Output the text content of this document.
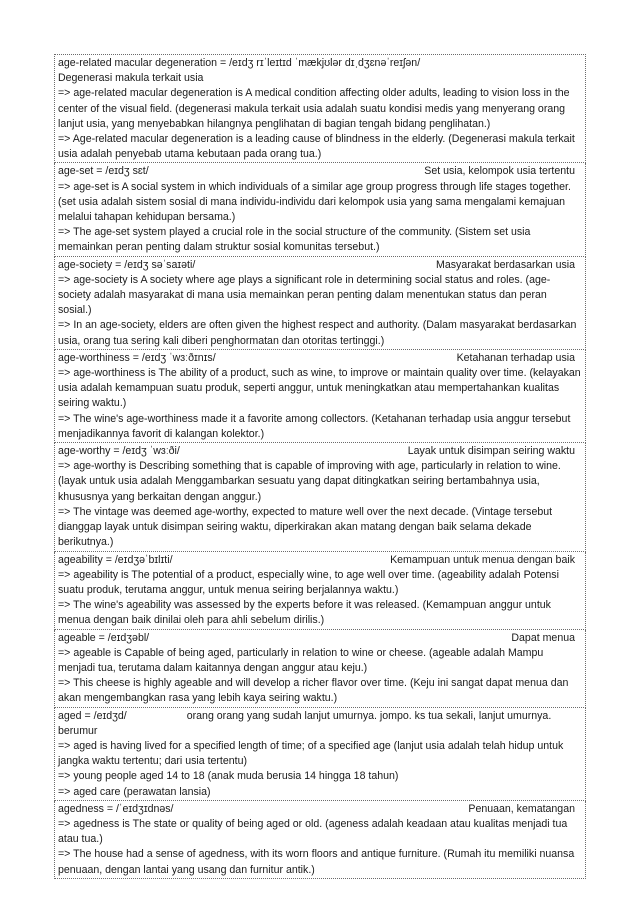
age-related macular degeneration = /eɪdʒ rɪˈleɪtɪd ˈmækjʊlər dɪˌdʒɛnəˈreɪʃən/
Degenerasi makula terkait usia
=> age-related macular degeneration is A medical condition affecting older adults, leading to vision loss in the center of the visual field. (degenerasi makula terkait usia adalah suatu kondisi medis yang menyerang orang lanjut usia, yang menyebabkan hilangnya penglihatan di bagian tengah bidang penglihatan.)
=> Age-related macular degeneration is a leading cause of blindness in the elderly. (Degenerasi makula terkait usia adalah penyebab utama kebutaan pada orang tua.)
age-set = /eɪdʒ sɛt/	Set usia, kelompok usia tertentu
=> age-set is A social system in which individuals of a similar age group progress through life stages together. (set usia adalah sistem sosial di mana individu-individu dari kelompok usia yang sama mengalami kemajuan melalui tahapan kehidupan bersama.)
=> The age-set system played a crucial role in the social structure of the community. (Sistem set usia memainkan peran penting dalam struktur sosial komunitas tersebut.)
age-society = /eɪdʒ səˈsaɪəti/	Masyarakat berdasarkan usia
=> age-society is A society where age plays a significant role in determining social status and roles. (age-society adalah masyarakat di mana usia memainkan peran penting dalam menentukan status dan peran sosial.)
=> In an age-society, elders are often given the highest respect and authority. (Dalam masyarakat berdasarkan usia, orang tua sering kali diberi penghormatan dan otoritas tertinggi.)
age-worthiness = /eɪdʒ ˈwɜːðɪnɪs/	Ketahanan terhadap usia
=> age-worthiness is The ability of a product, such as wine, to improve or maintain quality over time. (kelayakan usia adalah kemampuan suatu produk, seperti anggur, untuk meningkatkan atau mempertahankan kualitas seiring waktu.)
=> The wine's age-worthiness made it a favorite among collectors. (Ketahanan terhadap usia anggur tersebut menjadikannya favorit di kalangan kolektor.)
age-worthy = /eɪdʒ ˈwɜːði/	Layak untuk disimpan seiring waktu
=> age-worthy is Describing something that is capable of improving with age, particularly in relation to wine. (layak untuk usia adalah Menggambarkan sesuatu yang dapat ditingkatkan seiring bertambahnya usia, khususnya yang berkaitan dengan anggur.)
=> The vintage was deemed age-worthy, expected to mature well over the next decade. (Vintage tersebut dianggap layak untuk disimpan seiring waktu, diperkirakan akan matang dengan baik selama dekade berikutnya.)
ageability = /eɪdʒəˈbɪlɪti/	Kemampuan untuk menua dengan baik
=> ageability is The potential of a product, especially wine, to age well over time. (ageability adalah Potensi suatu produk, terutama anggur, untuk menua seiring berjalannya waktu.)
=> The wine's ageability was assessed by the experts before it was released. (Kemampuan anggur untuk menua dengan baik dinilai oleh para ahli sebelum dirilis.)
ageable = /eɪdʒəbl/	Dapat menua
=> ageable is Capable of being aged, particularly in relation to wine or cheese. (ageable adalah Mampu menjadi tua, terutama dalam kaitannya dengan anggur atau keju.)
=> This cheese is highly ageable and will develop a richer flavor over time. (Keju ini sangat dapat menua dan akan mengembangkan rasa yang lebih kaya seiring waktu.)
aged = /eɪdʒd/	orang orang yang sudah lanjut umurnya. jompo. ks tua sekali, lanjut umurnya. berumur
=> aged is having lived for a specified length of time; of a specified age (lanjut usia adalah telah hidup untuk jangka waktu tertentu; dari usia tertentu)
=> young people aged 14 to 18 (anak muda berusia 14 hingga 18 tahun)
=> aged care (perawatan lansia)
agedness = /ˈeɪdʒɪdnəs/	Penuaan, kematangan
=> agedness is The state or quality of being aged or old. (ageness adalah keadaan atau kualitas menjadi tua atau tua.)
=> The house had a sense of agedness, with its worn floors and antique furniture. (Rumah itu memiliki nuansa penuaan, dengan lantai yang usang dan furnitur antik.)
